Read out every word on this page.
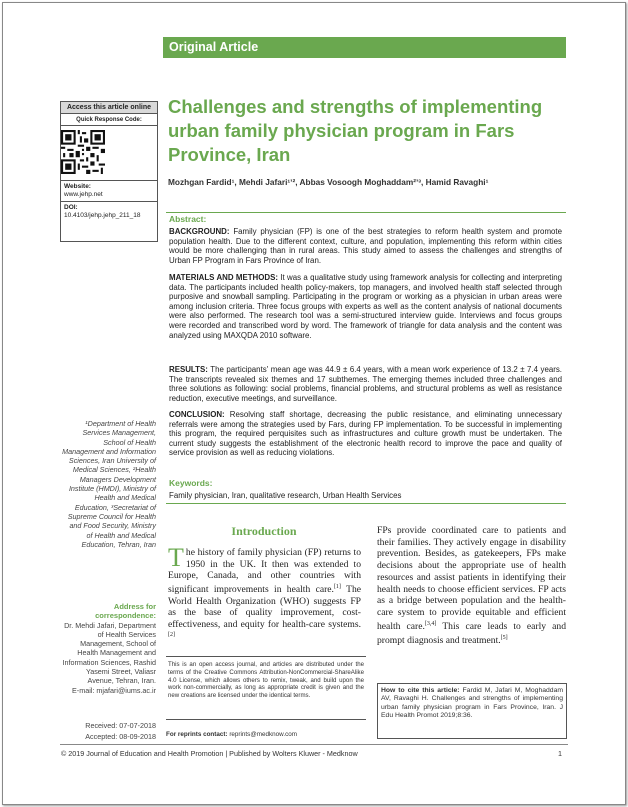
Original Article
Access this article online
Quick Response Code:
Website:
www.jehp.net
DOI:
10.4103/jehp.jehp_211_18
Challenges and strengths of implementing urban family physician program in Fars Province, Iran
Mozhgan Fardid¹, Mehdi Jafari¹ʼ², Abbas Vosoogh Moghaddam²ʼ³, Hamid Ravaghi¹
Abstract:
BACKGROUND: Family physician (FP) is one of the best strategies to reform health system and promote population health. Due to the different context, culture, and population, implementing this reform within cities would be more challenging than in rural areas. This study aimed to assess the challenges and strengths of Urban FP Program in Fars Province of Iran.
MATERIALS AND METHODS: It was a qualitative study using framework analysis for collecting and interpreting data. The participants included health policy-makers, top managers, and involved health staff selected through purposive and snowball sampling. Participating in the program or working as a physician in urban areas were among inclusion criteria. Three focus groups with experts as well as the content analysis of national documents were also performed. The research tool was a semi-structured interview guide. Interviews and focus groups were recorded and transcribed word by word. The framework of triangle for data analysis and the content was analyzed using MAXQDA 2010 software.
RESULTS: The participants' mean age was 44.9 ± 6.4 years, with a mean work experience of 13.2 ± 7.4 years. The transcripts revealed six themes and 17 subthemes. The emerging themes included three challenges and three solutions as following: social problems, financial problems, and structural problems as well as resistance reduction, executive meetings, and surveillance.
CONCLUSION: Resolving staff shortage, decreasing the public resistance, and eliminating unnecessary referrals were among the strategies used by Fars, during FP implementation. To be successful in implementing this program, the required perquisites such as infrastructures and culture growth must be undertaken. The current study suggests the establishment of the electronic health record to improve the pace and quality of service provision as well as reducing violations.
Keywords:
Family physician, Iran, qualitative research, Urban Health Services
¹Department of Health Services Management, School of Health Management and Information Sciences, Iran University of Medical Sciences, ²Health Managers Development Institute (HMDI), Ministry of Health and Medical Education, ³Secretariat of Supreme Council for Health and Food Security, Ministry of Health and Medical Education, Tehran, Iran
Address for correspondence:
Dr. Mehdi Jafari, Department of Health Services Management, School of Health Management and Information Sciences, Rashid Yasemi Street, Valiasr Avenue, Tehran, Iran.
E-mail: mjafari@iums.ac.ir
Received: 07-07-2018
Accepted: 08-09-2018
Introduction
The history of family physician (FP) returns to 1950 in the UK. It then was extended to Europe, Canada, and other countries with significant improvements in health care.[1] The World Health Organization (WHO) suggests FP as the base of quality improvement, cost-effectiveness, and equity for health-care systems.[2]
FPs provide coordinated care to patients and their families. They actively engage in disability prevention. Besides, as gatekeepers, FPs make decisions about the appropriate use of health resources and assist patients in identifying their health needs to choose efficient services. FP acts as a bridge between population and the health-care system to provide equitable and efficient health care.[3,4] This care leads to early and prompt diagnosis and treatment.[5]
This is an open access journal, and articles are distributed under the terms of the Creative Commons Attribution-NonCommercial-ShareAlike 4.0 License, which allows others to remix, tweak, and build upon the work non-commercially, as long as appropriate credit is given and the new creations are licensed under the identical terms.
For reprints contact: reprints@medknow.com
How to cite this article: Fardid M, Jafari M, Moghaddam AV, Ravaghi H. Challenges and strengths of implementing urban family physician program in Fars Province, Iran. J Edu Health Promot 2019;8:36.
© 2019 Journal of Education and Health Promotion | Published by Wolters Kluwer - Medknow	1
